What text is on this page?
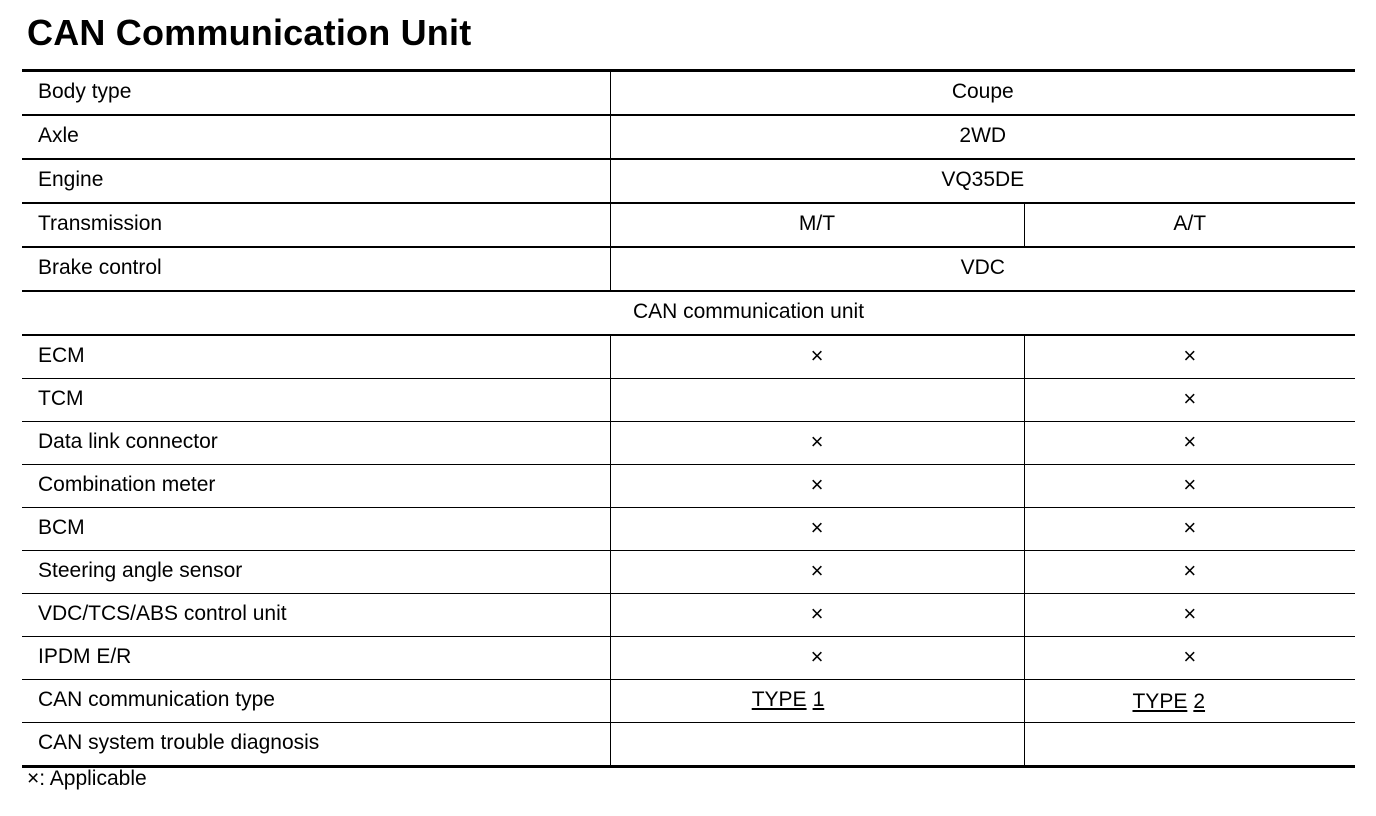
CAN Communication Unit
Body type	Coupe	
Axle	2WD	
Engine	VQ35DE	
Transmission	M/T	A/T
Brake control	VDC	
CAN communication unit		
ECM	×	×
TCM		×
Data link connector	×	×
Combination meter	×	×
BCM	×	×
Steering angle sensor	×	×
VDC/TCS/ABS control unit	×	×
IPDM E/R	×	×
CAN communication type	TYPE 1	TYPE 2
CAN system trouble diagnosis		
×: Applicable
